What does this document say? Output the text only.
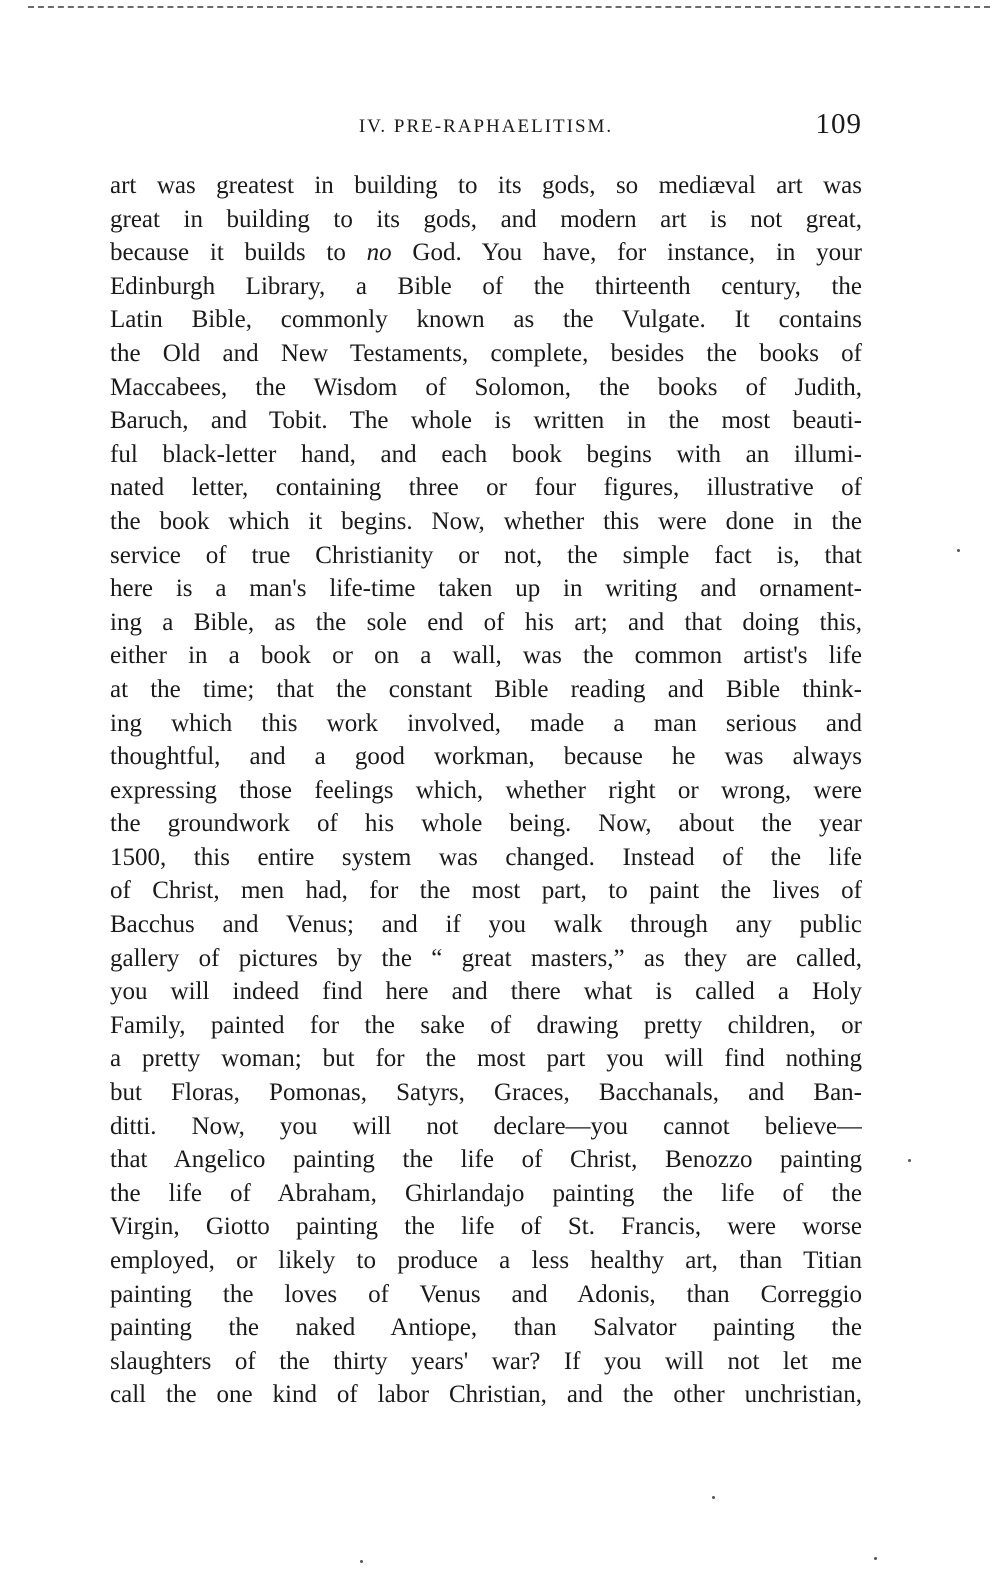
IV. PRE-RAPHAELITISM.	109
art was greatest in building to its gods, so mediæval art was
great in building to its gods, and modern art is not great,
because it builds to no God. You have, for instance, in your
Edinburgh Library, a Bible of the thirteenth century, the
Latin Bible, commonly known as the Vulgate. It contains
the Old and New Testaments, complete, besides the books of
Maccabees, the Wisdom of Solomon, the books of Judith,
Baruch, and Tobit. The whole is written in the most beauti-
ful black-letter hand, and each book begins with an illumi-
nated letter, containing three or four figures, illustrative of
the book which it begins. Now, whether this were done in the
service of true Christianity or not, the simple fact is, that
here is a man's life-time taken up in writing and ornament-
ing a Bible, as the sole end of his art; and that doing this,
either in a book or on a wall, was the common artist's life
at the time; that the constant Bible reading and Bible think-
ing which this work involved, made a man serious and
thoughtful, and a good workman, because he was always
expressing those feelings which, whether right or wrong, were
the groundwork of his whole being. Now, about the year
1500, this entire system was changed. Instead of the life
of Christ, men had, for the most part, to paint the lives of
Bacchus and Venus; and if you walk through any public
gallery of pictures by the “ great masters,” as they are called,
you will indeed find here and there what is called a Holy
Family, painted for the sake of drawing pretty children, or
a pretty woman; but for the most part you will find nothing
but Floras, Pomonas, Satyrs, Graces, Bacchanals, and Ban-
ditti. Now, you will not declare—you cannot believe—
that Angelico painting the life of Christ, Benozzo painting
the life of Abraham, Ghirlandajo painting the life of the
Virgin, Giotto painting the life of St. Francis, were worse
employed, or likely to produce a less healthy art, than Titian
painting the loves of Venus and Adonis, than Correggio
painting the naked Antiope, than Salvator painting the
slaughters of the thirty years' war? If you will not let me
call the one kind of labor Christian, and the other unchristian,
